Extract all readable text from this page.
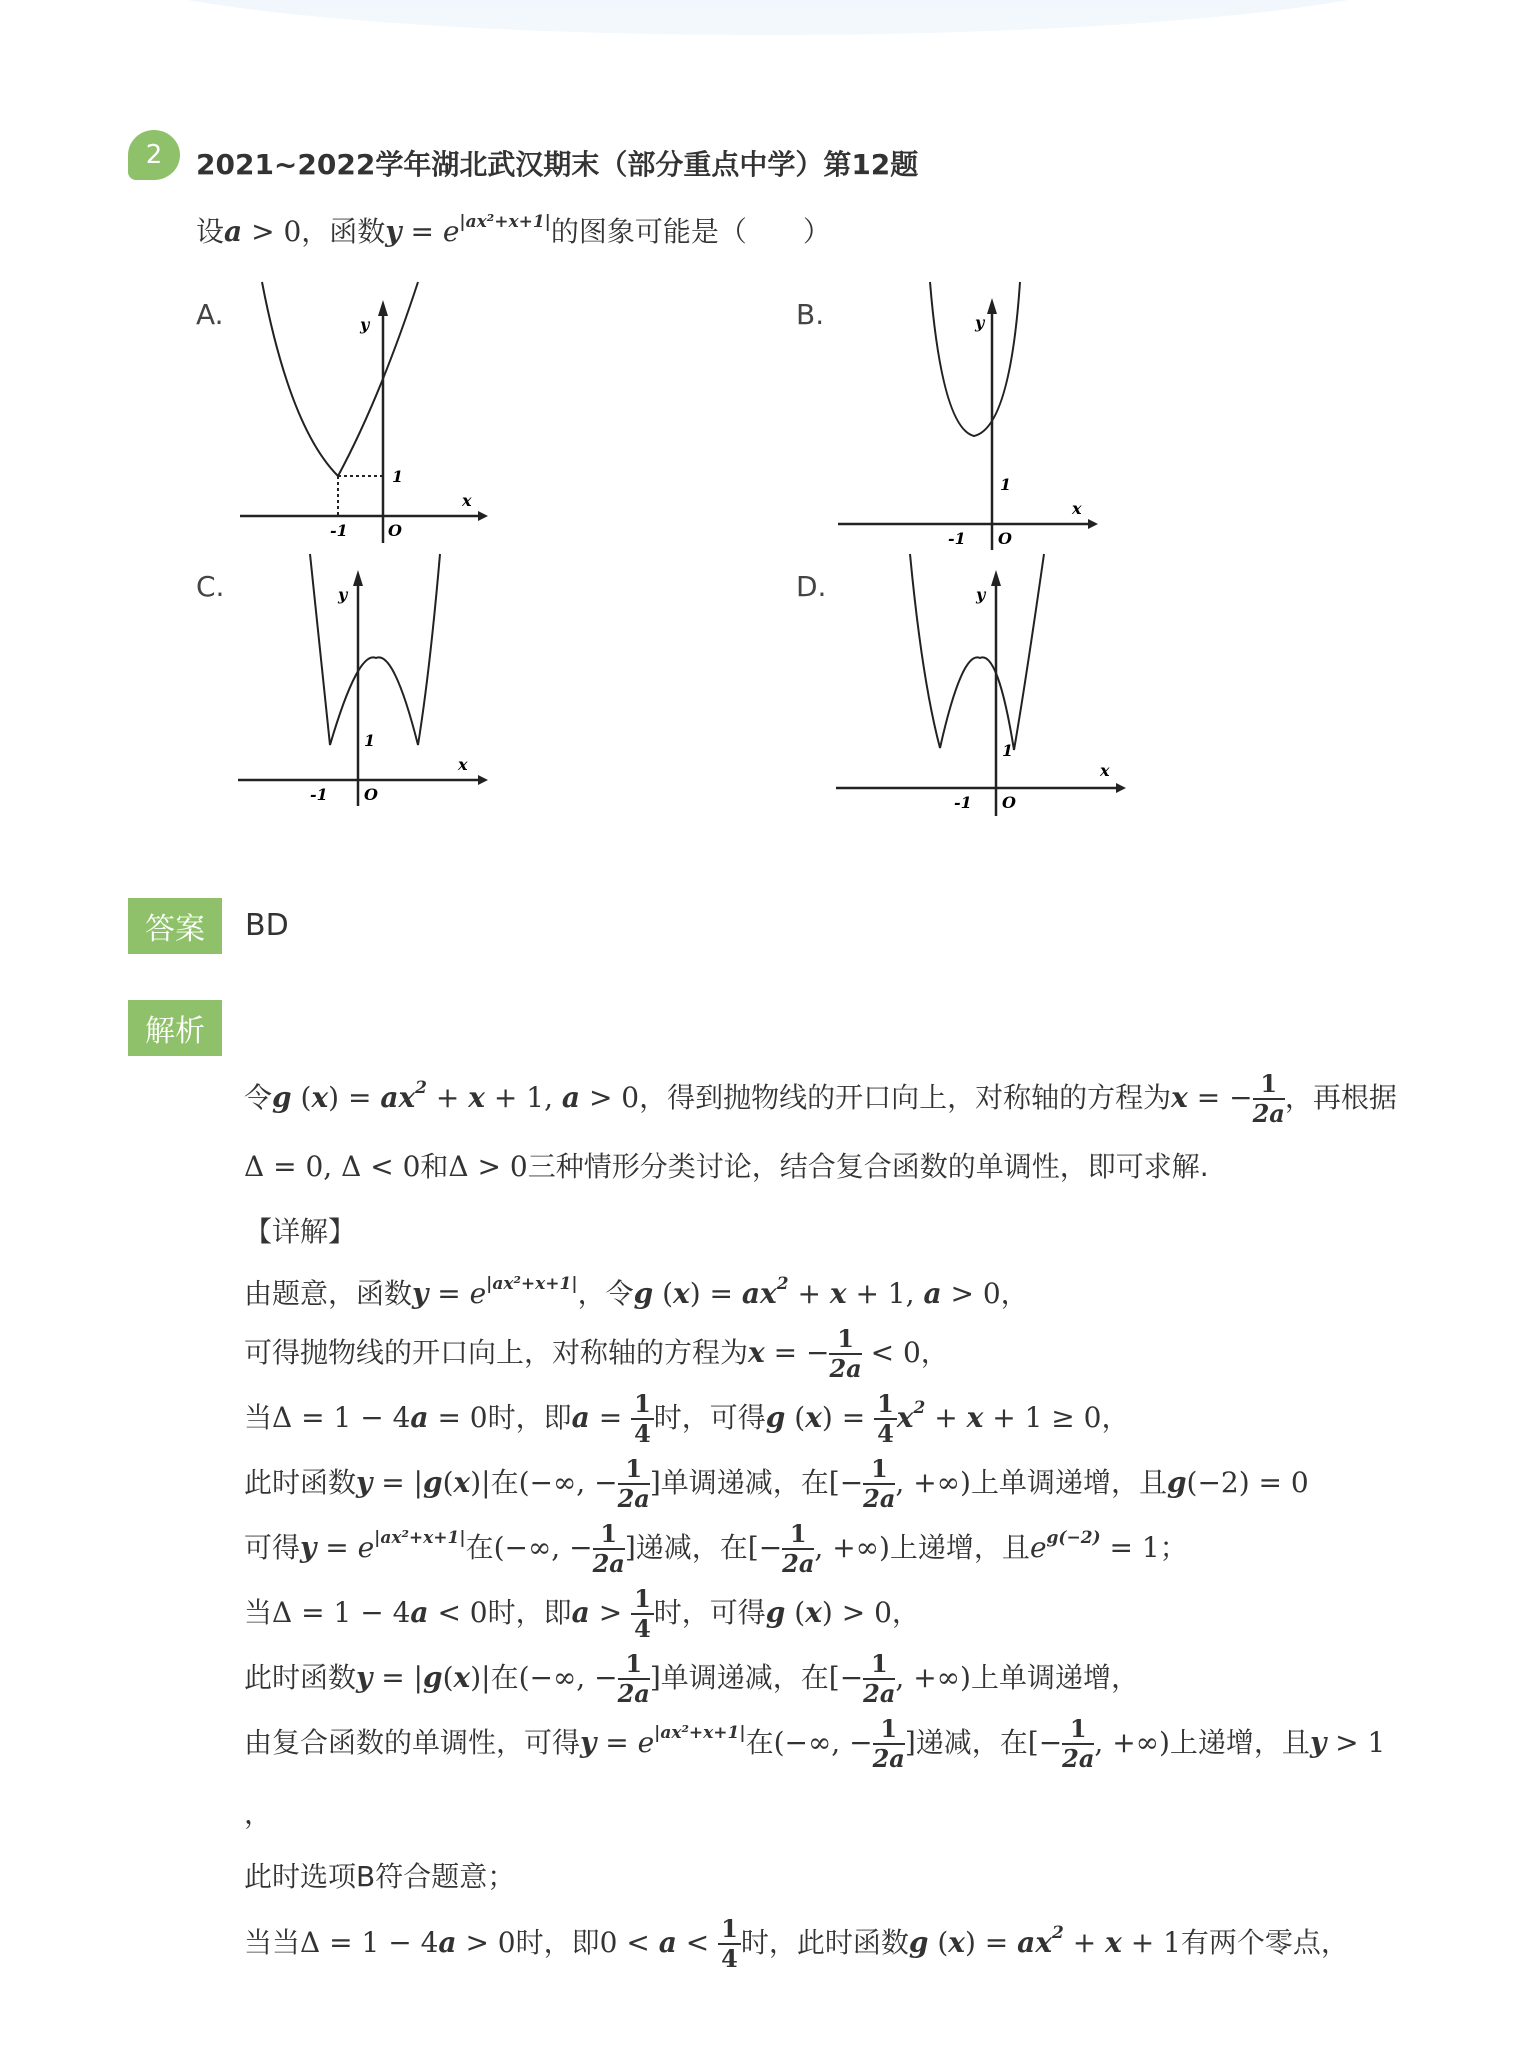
2 2021~2022学年湖北武汉期末（部分重点中学）第12题
设a > 0，函数$y = e^{|ax^2+x+1|}$的图象可能是（　　）
A.	B.
C.	D.
y
1
x
-1	O
y
1
x
-1 O
y
1
x
-1 O
y
1
x
-1 O
答案	BD
解析
令g $(x) = ax^2 + x + 1$, a > 0，得到抛物线的开口向上，对称轴的方程为x = − $\frac{1}{2a}$ ，再根据
Δ = 0, Δ < 0和Δ > 0三种情形分类讨论，结合复合函数的单调性，即可求解.
【详解】
由题意，函数$y = e^{|ax^2+x+1|}$，令g $(x) = ax^2 + x + 1$, a > 0，
可得抛物线的开口向上，对称轴的方程为x = − $\frac{1}{2a} < 0$，
当Δ = 1 − 4a = 0时，即$a = \frac{1}{4}$ 时，可得g $(x) = \frac{1}{4} x^2 + x + 1 \ge 0$，
此时函数y = |g(x)|在(−∞, − $\frac{1}{2a}$ ]单调递减，在[− $\frac{1}{2a}$ , +∞)上单调递增，且g(−2) = 0
可得$y = e^{|ax^2+x+1|}$在(−∞, − $\frac{1}{2a}$ ]递减，在[− $\frac{1}{2a}$ , +∞)上递增，且$e^{g(-2)} = 1$；
当Δ = 1 − 4a < 0时，即$a > \frac{1}{4}$ 时，可得g (x) > 0，
此时函数y = |g(x)|在(−∞, − $\frac{1}{2a}$ ]单调递减，在[− $\frac{1}{2a}$ , +∞)上单调递增，
由复合函数的单调性，可得$y = e^{|ax^2+x+1|}$在(−∞, − $\frac{1}{2a}$ ]递减，在[− $\frac{1}{2a}$ , +∞)上递增，且y > 1
，
此时选项B符合题意；
当当Δ = 1 − 4a > 0时，即$0 < a < \frac{1}{4}$ 时，此时函数g $(x) = ax^2 + x + 1$有两个零点，
